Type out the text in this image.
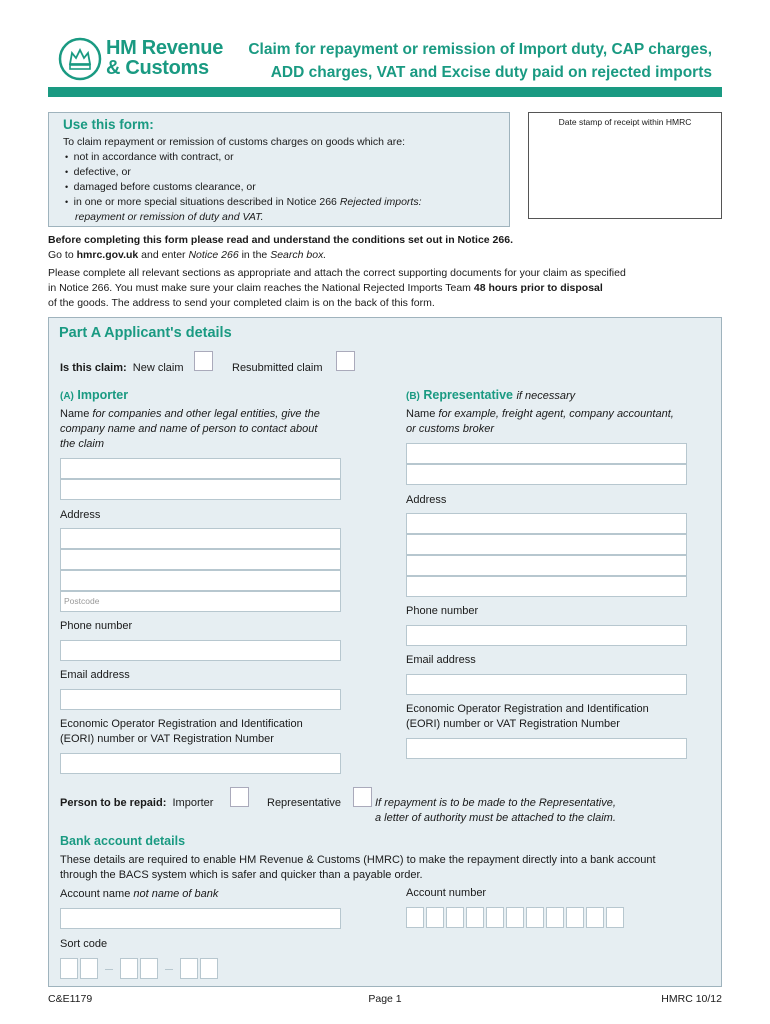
HM Revenue
& Customs
Claim for repayment or remission of Import duty, CAP charges,
ADD charges, VAT and Excise duty paid on rejected imports
Use this form:
To claim repayment or remission of customs charges on goods which are:
• not in accordance with contract, or
• defective, or
• damaged before customs clearance, or
• in one or more special situations described in Notice 266 Rejected imports:
repayment or remission of duty and VAT.
Date stamp of receipt within HMRC
Before completing this form please read and understand the conditions set out in Notice 266.
Go to hmrc.gov.uk and enter Notice 266 in the Search box.
Please complete all relevant sections as appropriate and attach the correct supporting documents for your claim as specified
in Notice 266. You must make sure your claim reaches the National Rejected Imports Team 48 hours prior to disposal
of the goods. The address to send your completed claim is on the back of this form.
Part A Applicant's details
Is this claim: New claim	Resubmitted claim
(A) Importer
Name for companies and other legal entities, give the
company name and name of person to contact about
the claim
Address
Postcode
Phone number
Email address
Economic Operator Registration and Identification
(EORI) number or VAT Registration Number
(B) Representative if necessary
Name for example, freight agent, company accountant,
or customs broker
Address
Phone number
Email address
Economic Operator Registration and Identification
(EORI) number or VAT Registration Number
Person to be repaid: Importer	Representative	If repayment is to be made to the Representative,
a letter of authority must be attached to the claim.
Bank account details
These details are required to enable HM Revenue & Customs (HMRC) to make the repayment directly into a bank account
through the BACS system which is safer and quicker than a payable order.
Account name not name of bank	Account number
Sort code
C&E1179	Page 1	HMRC 10/12
